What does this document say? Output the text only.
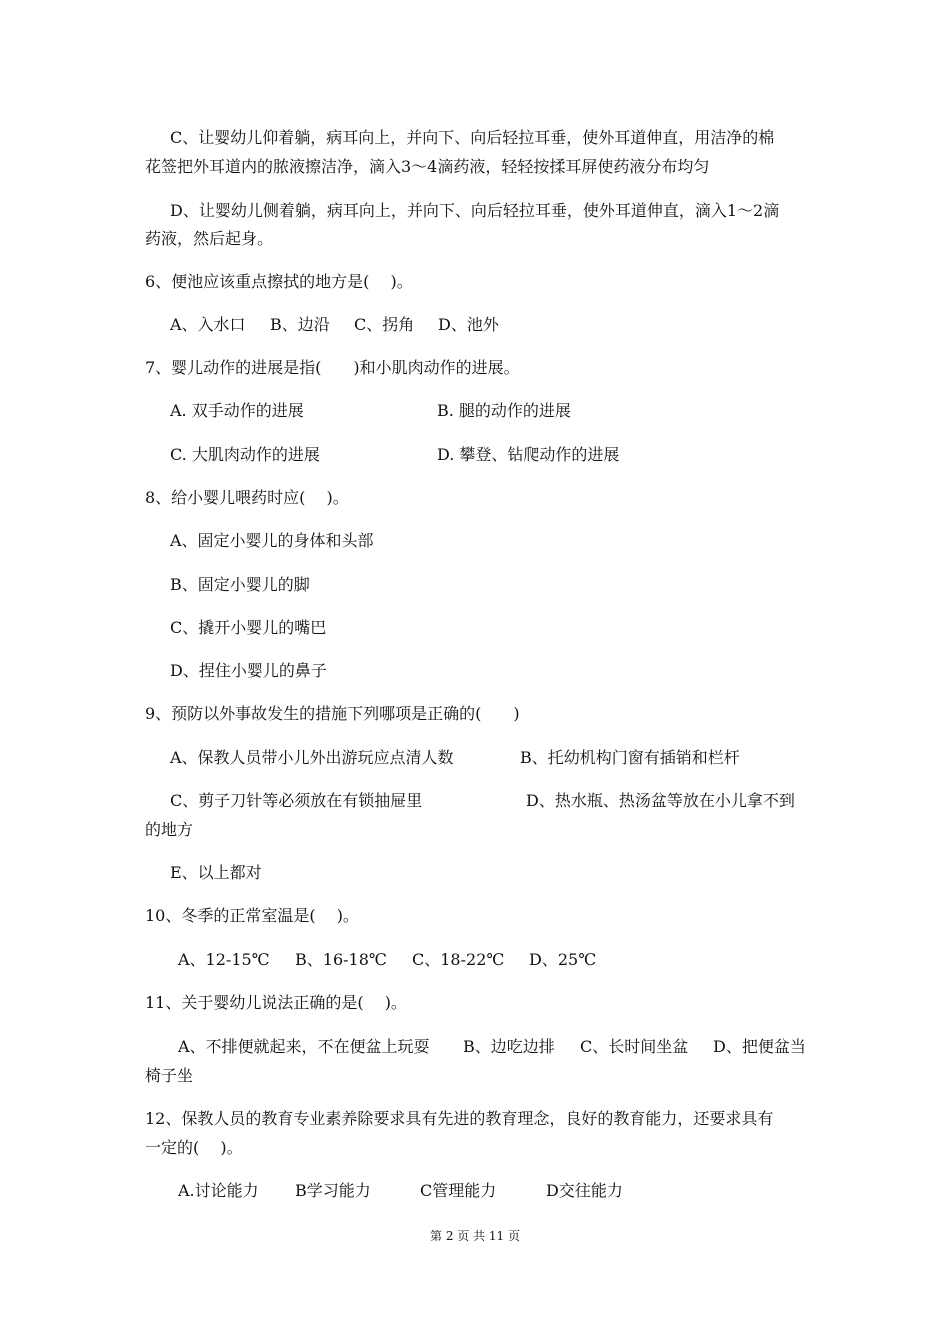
C、让婴幼儿仰着躺，病耳向上，并向下、向后轻拉耳垂，使外耳道伸直，用洁净的棉
花签把外耳道内的脓液擦洁净，滴入3～4滴药液，轻轻按揉耳屏使药液分布均匀
D、让婴幼儿侧着躺，病耳向上，并向下、向后轻拉耳垂，使外耳道伸直，滴入1～2滴
药液，然后起身。
6、便池应该重点擦拭的地方是(　 )。
A、入水口 B、边沿 C、拐角 D、池外
7、婴儿动作的进展是指(　　)和小肌肉动作的进展。
A. 双手动作的进展	B. 腿的动作的进展
C. 大肌肉动作的进展	D. 攀登、钻爬动作的进展
8、给小婴儿喂药时应(　 )。
A、固定小婴儿的身体和头部
B、固定小婴儿的脚
C、撬开小婴儿的嘴巴
D、捏住小婴儿的鼻子
9、预防以外事故发生的措施下列哪项是正确的(　　)
A、保教人员带小儿外出游玩应点清人数	B、托幼机构门窗有插销和栏杆
C、剪子刀针等必须放在有锁抽屉里	D、热水瓶、热汤盆等放在小儿拿不到
的地方
E、以上都对
10、冬季的正常室温是(　 )。
A、12-15℃ B、16-18℃ C、18-22℃ D、25℃
11、关于婴幼儿说法正确的是(　 )。
A、不排便就起来，不在便盆上玩耍 B、边吃边排 C、长时间坐盆 D、把便盆当
椅子坐
12、保教人员的教育专业素养除要求具有先进的教育理念，良好的教育能力，还要求具有
一定的(　 )。
A.讨论能力 B学习能力	C管理能力	D交往能力
第 2 页 共 11 页
